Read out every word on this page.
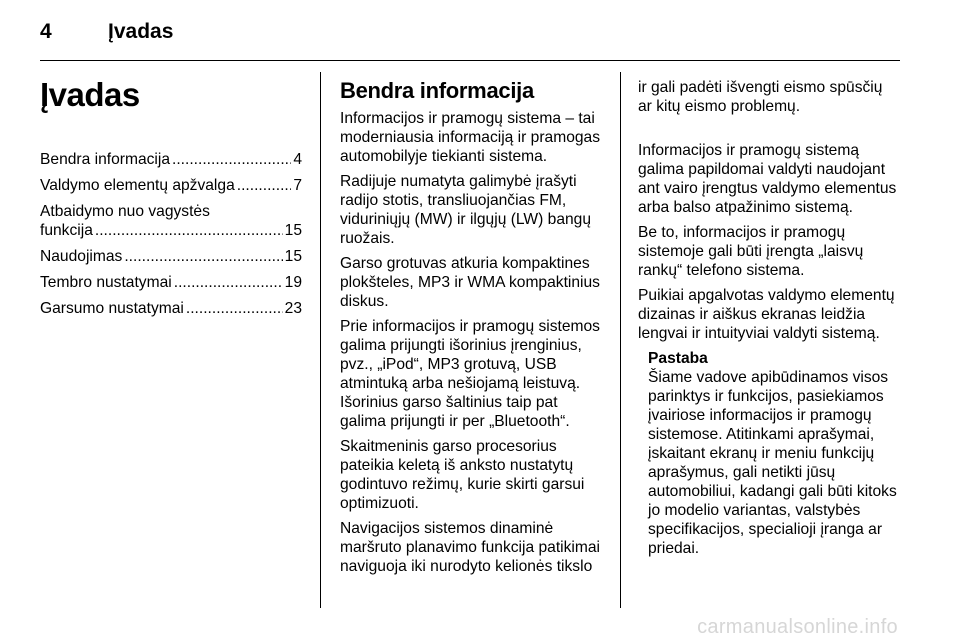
4	Įvadas
Įvadas
Bendra informacija .....	4
Valdymo elementų apžvalga .....	7
Atbaidymo nuo vagystės
funkcija .....	15
Naudojimas .....	15
Tembro nustatymai .....	19
Garsumo nustatymai .....	23
Bendra informacija

Informacijos ir pramogų sistema – tai moderniausia informaciją ir pramogas automobilyje tiekianti sistema.

Radijuje numatyta galimybė įrašyti radijo stotis, transliuojančias FM, viduriniųjų (MW) ir ilgųjų (LW) bangų ruožais.

Garso grotuvas atkuria kompaktines plokšteles, MP3 ir WMA kompaktinius diskus.

Prie informacijos ir pramogų sistemos galima prijungti išorinius įrenginius, pvz., „iPod“, MP3 grotuvą, USB atmintuką arba nešiojamą leistuvą. Išorinius garso šaltinius taip pat galima prijungti ir per „Bluetooth“.

Skaitmeninis garso procesorius pateikia keletą iš anksto nustatytų godintuvo režimų, kurie skirti garsui optimizuoti.

Navigacijos sistemos dinaminė maršruto planavimo funkcija patikimai naviguoja iki nurodyto kelionės tikslo

ir gali padėti išvengti eismo spūsčių ar kitų eismo problemų.

Informacijos ir pramogų sistemą galima papildomai valdyti naudojant ant vairo įrengtus valdymo elementus arba balso atpažinimo sistemą.

Be to, informacijos ir pramogų sistemoje gali būti įrengta „laisvų rankų“ telefono sistema.

Puikiai apgalvotas valdymo elementų dizainas ir aiškus ekranas leidžia lengvai ir intuityviai valdyti sistemą.

Pastaba
Šiame vadove apibūdinamos visos parinktys ir funkcijos, pasiekiamos įvairiose informacijos ir pramogų sistemose. Atitinkami aprašymai, įskaitant ekranų ir meniu funkcijų aprašymus, gali netikti jūsų automobiliui, kadangi gali būti kitoks jo modelio variantas, valstybės specifikacijos, specialioji įranga ar priedai.
carmanualsonline.info
